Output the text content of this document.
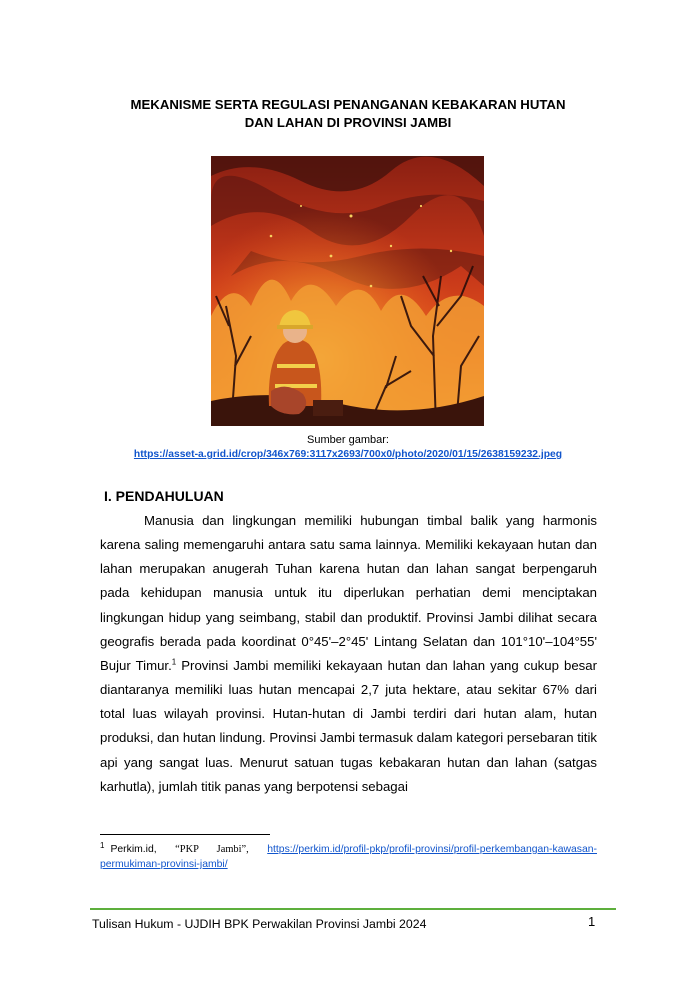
MEKANISME SERTA REGULASI PENANGANAN KEBAKARAN HUTAN
DAN LAHAN DI PROVINSI JAMBI
Sumber gambar:
https://asset-a.grid.id/crop/346x769:3117x2693/700x0/photo/2020/01/15/2638159232.jpeg
I. PENDAHULUAN
Manusia dan lingkungan memiliki hubungan timbal balik yang harmonis karena saling memengaruhi antara satu sama lainnya. Memiliki kekayaan hutan dan lahan merupakan anugerah Tuhan karena hutan dan lahan sangat berpengaruh pada kehidupan manusia untuk itu diperlukan perhatian demi menciptakan lingkungan hidup yang seimbang, stabil dan produktif. Provinsi Jambi dilihat secara geografis berada pada koordinat 0°45'–2°45' Lintang Selatan dan 101°10'–104°55' Bujur Timur.$^1$ Provinsi Jambi memiliki kekayaan hutan dan lahan yang cukup besar diantaranya memiliki luas hutan mencapai 2,7 juta hektare, atau sekitar 67% dari total luas wilayah provinsi. Hutan-hutan di Jambi terdiri dari hutan alam, hutan produksi, dan hutan lindung. Provinsi Jambi termasuk dalam kategori persebaran titik api yang sangat luas. Menurut satuan tugas kebakaran hutan dan lahan (satgas karhutla), jumlah titik panas yang berpotensi sebagai
$^1$ Perkim.id, “PKP Jambi”, https://perkim.id/profil-pkp/profil-provinsi/profil-perkembangan-kawasan-permukiman-provinsi-jambi/
Tulisan Hukum - UJDIH BPK Perwakilan Provinsi Jambi 2024	1
